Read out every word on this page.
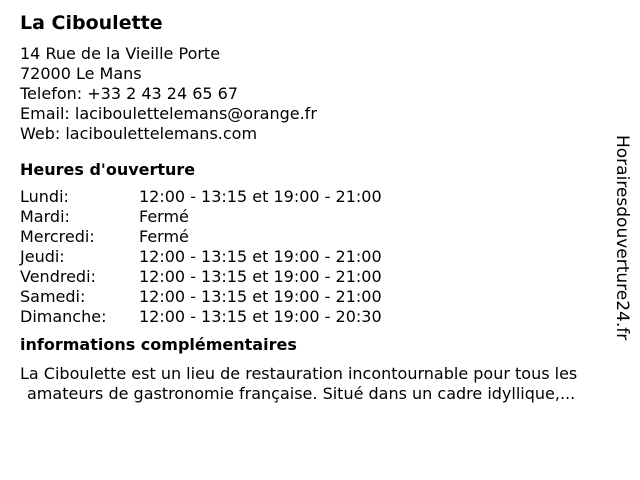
La Ciboulette
14 Rue de la Vieille Porte
72000 Le Mans
Telefon: +33 2 43 24 65 67
Email: laciboulettelemans@orange.fr
Web: laciboulettelemans.com
Heures d'ouverture
Lundi:	12:00 - 13:15 et 19:00 - 21:00
Mardi:	Fermé
Mercredi:	Fermé
Jeudi:	12:00 - 13:15 et 19:00 - 21:00
Vendredi:	12:00 - 13:15 et 19:00 - 21:00
Samedi:	12:00 - 13:15 et 19:00 - 21:00
Dimanche:	12:00 - 13:15 et 19:00 - 20:30
informations complémentaires
La Ciboulette est un lieu de restauration incontournable pour tous les
amateurs de gastronomie française. Situé dans un cadre idyllique,...
Horairesdouverture24.fr
